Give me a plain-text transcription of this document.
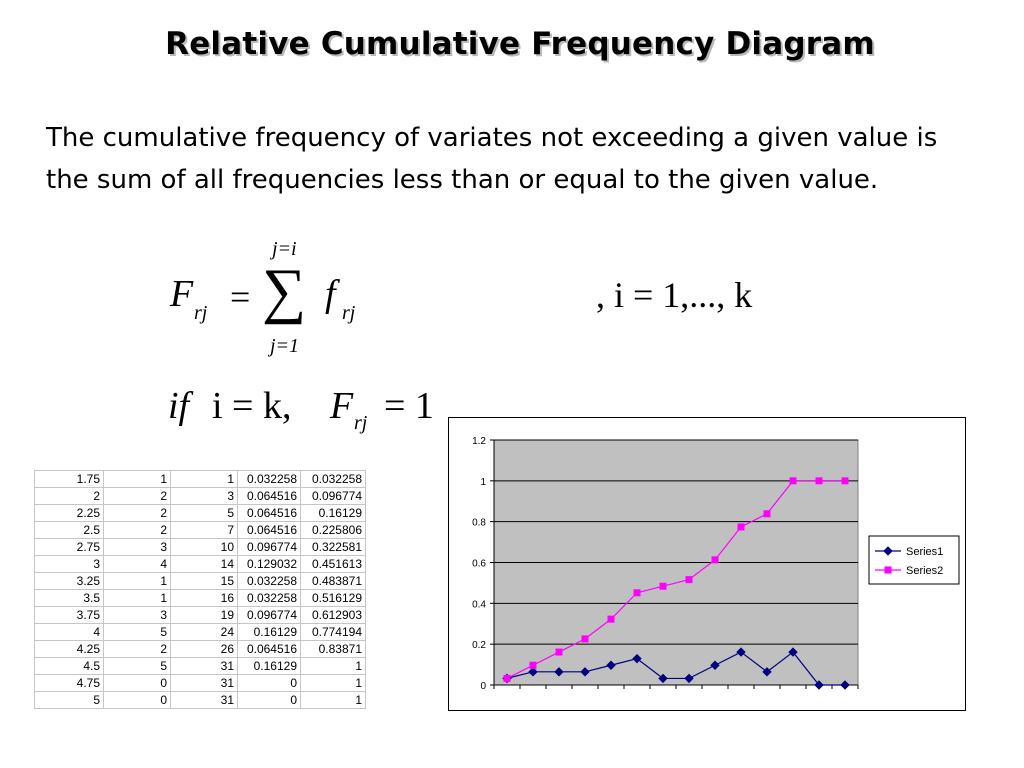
Relative Cumulative Frequency Diagram
The cumulative frequency of variates not exceeding a given value is the sum of all frequencies less than or equal to the given value.
F rj =
j=i
∑
j=1
f rj	, i = 1,..., k
if i = k, F rj = 1
1.75	1	1	0.032258	0.032258
2	2	3	0.064516	0.096774
2.25	2	5	0.064516	0.16129
2.5	2	7	0.064516	0.225806
2.75	3	10	0.096774	0.322581
3	4	14	0.129032	0.451613
3.25	1	15	0.032258	0.483871
3.5	1	16	0.032258	0.516129
3.75	3	19	0.096774	0.612903
4	5	24	0.16129	0.774194
4.25	2	26	0.064516	0.83871
4.5	5	31	0.16129	1
4.75	0	31	0	1
5	0	31	0	1
0
0.2
0.4
0.6
0.8
1
1.2
Series1
Series2
